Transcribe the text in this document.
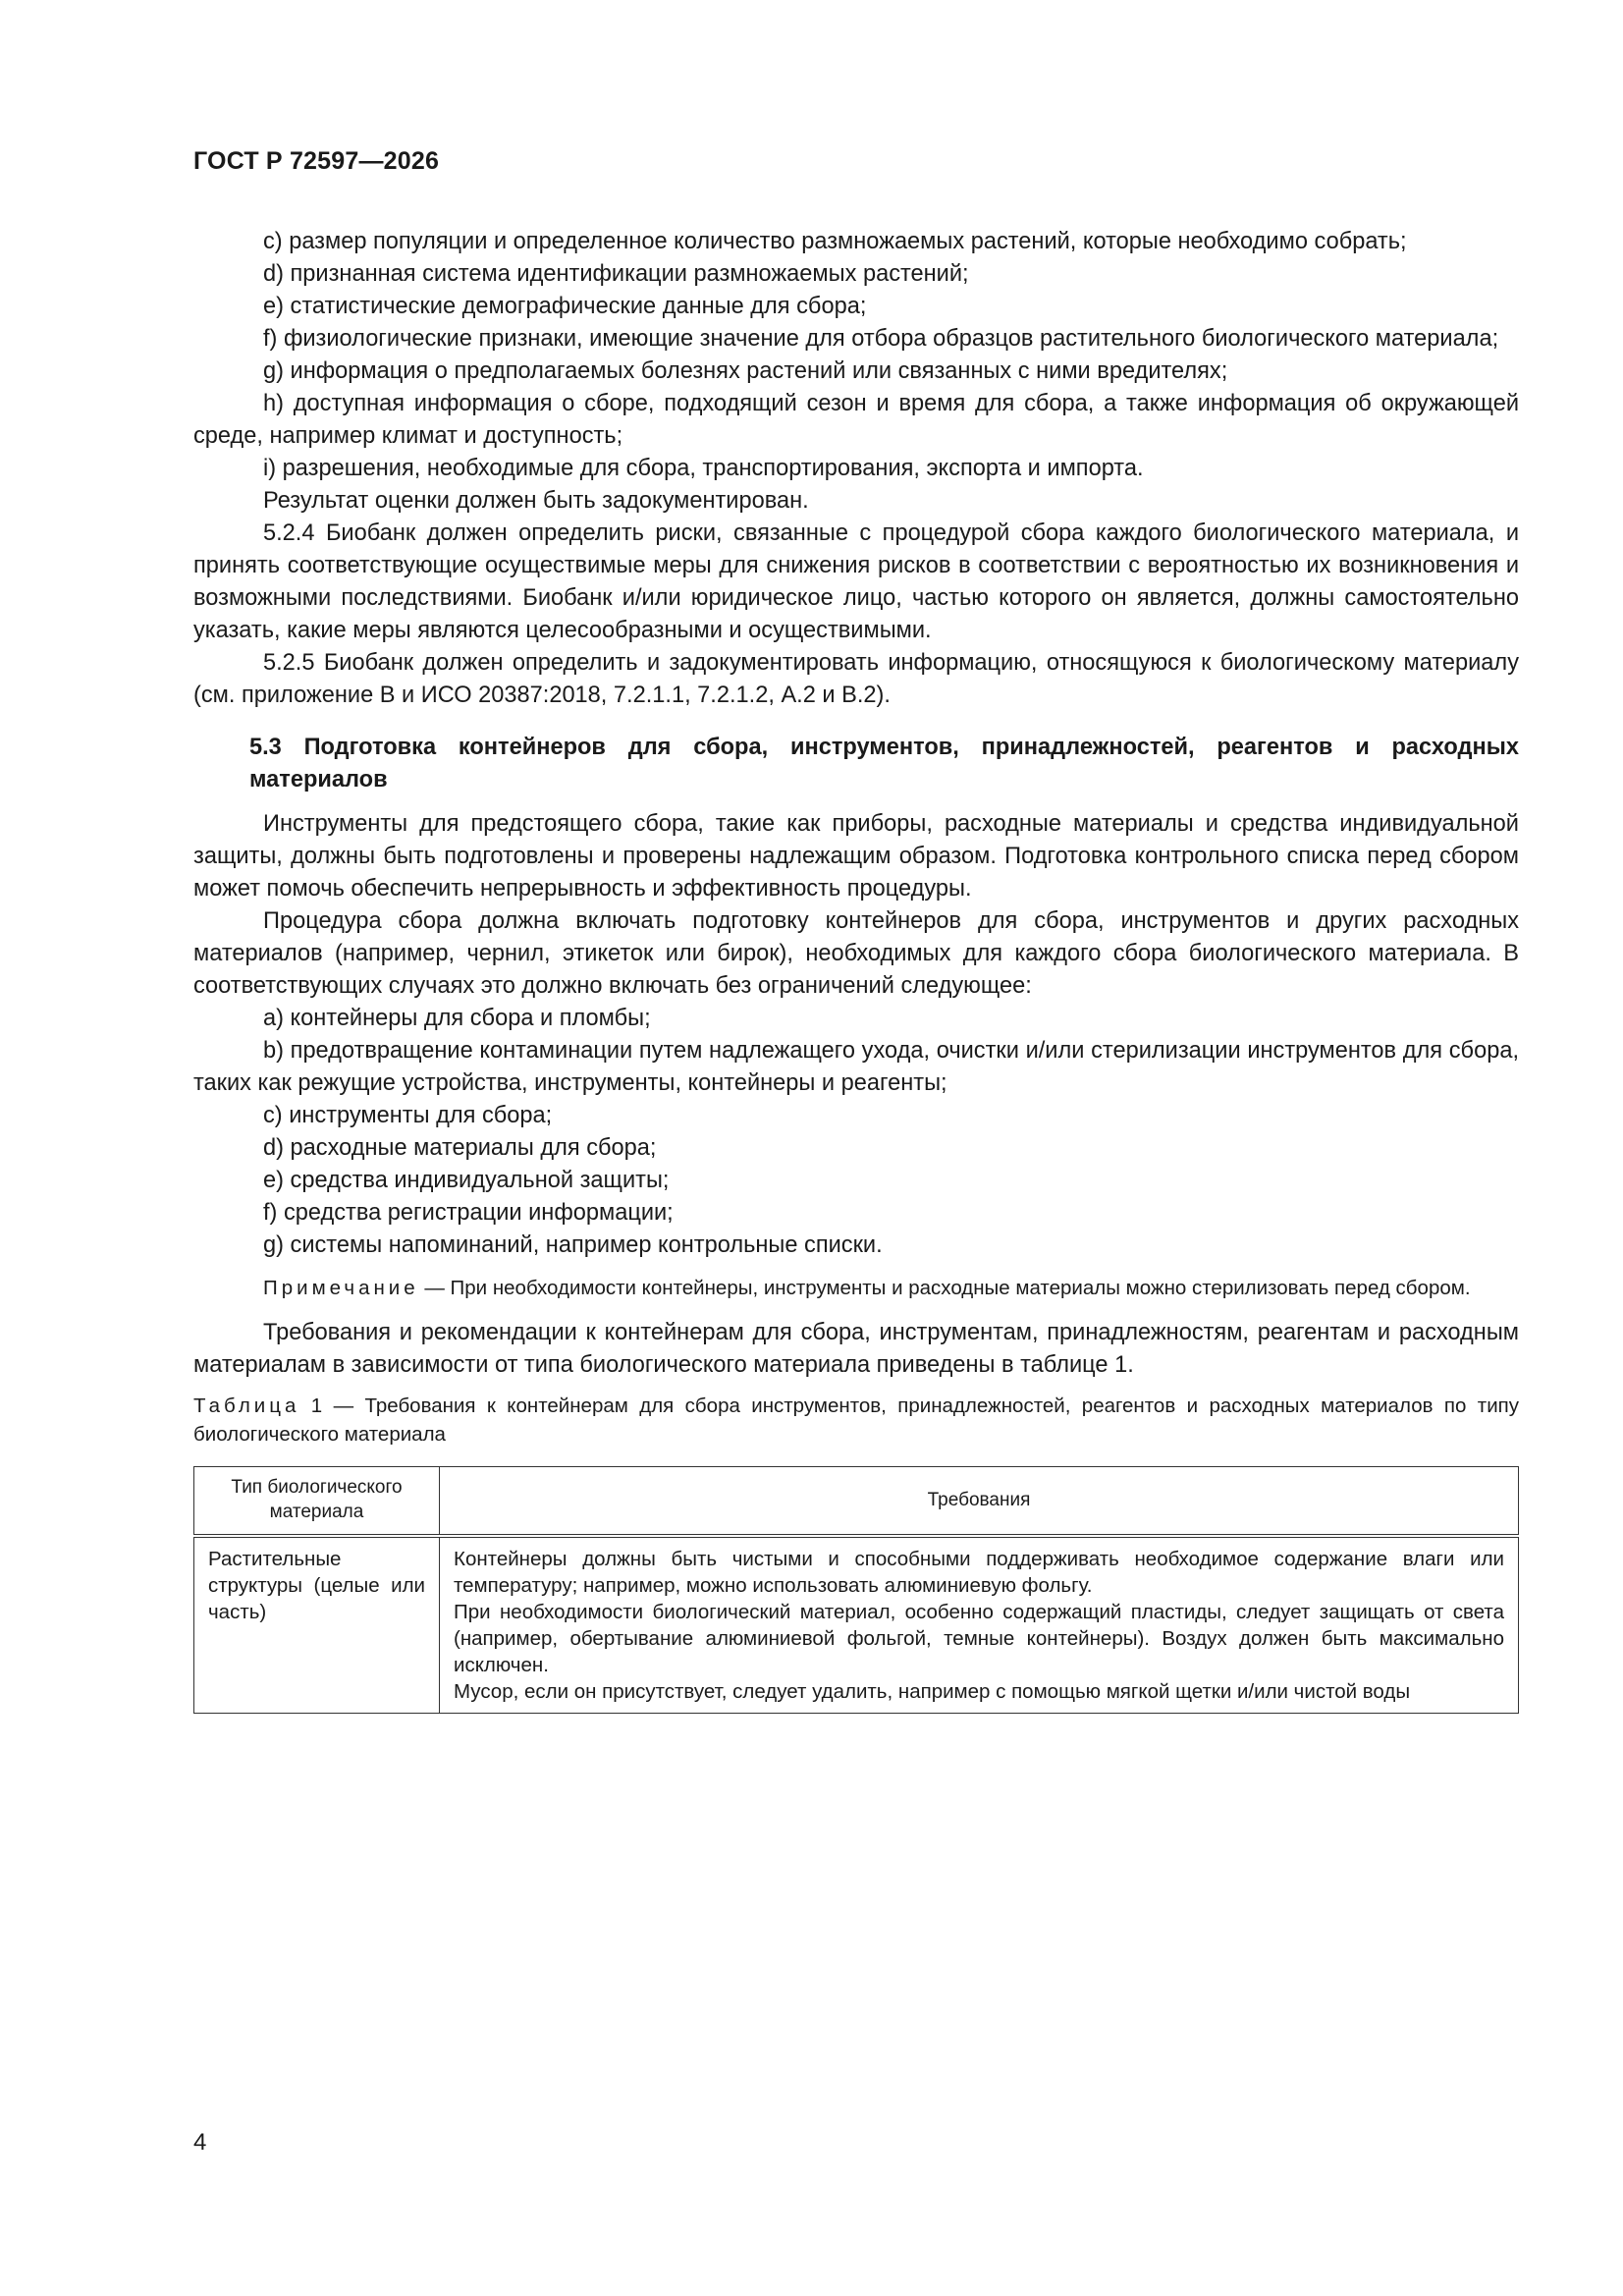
ГОСТ Р 72597—2026

c) размер популяции и определенное количество размножаемых растений, которые необходимо собрать;

d) признанная система идентификации размножаемых растений;

e) статистические демографические данные для сбора;

f) физиологические признаки, имеющие значение для отбора образцов растительного биологического материала;

g) информация о предполагаемых болезнях растений или связанных с ними вредителях;

h) доступная информация о сборе, подходящий сезон и время для сбора, а также информация об окружающей среде, например климат и доступность;

i) разрешения, необходимые для сбора, транспортирования, экспорта и импорта.

Результат оценки должен быть задокументирован.

5.2.4 Биобанк должен определить риски, связанные с процедурой сбора каждого биологического материала, и принять соответствующие осуществимые меры для снижения рисков в соответствии с вероятностью их возникновения и возможными последствиями. Биобанк и/или юридическое лицо, частью которого он является, должны самостоятельно указать, какие меры являются целесообразными и осуществимыми.

5.2.5 Биобанк должен определить и задокументировать информацию, относящуюся к биологическому материалу (см. приложение В и ИСО 20387:2018, 7.2.1.1, 7.2.1.2, А.2 и В.2).

5.3 Подготовка контейнеров для сбора, инструментов, принадлежностей, реагентов и расходных материалов

Инструменты для предстоящего сбора, такие как приборы, расходные материалы и средства индивидуальной защиты, должны быть подготовлены и проверены надлежащим образом. Подготовка контрольного списка перед сбором может помочь обеспечить непрерывность и эффективность процедуры.

Процедура сбора должна включать подготовку контейнеров для сбора, инструментов и других расходных материалов (например, чернил, этикеток или бирок), необходимых для каждого сбора биологического материала. В соответствующих случаях это должно включать без ограничений следующее:

a) контейнеры для сбора и пломбы;

b) предотвращение контаминации путем надлежащего ухода, очистки и/или стерилизации инструментов для сбора, таких как режущие устройства, инструменты, контейнеры и реагенты;

c) инструменты для сбора;

d) расходные материалы для сбора;

e) средства индивидуальной защиты;

f) средства регистрации информации;

g) системы напоминаний, например контрольные списки.

Примечание — При необходимости контейнеры, инструменты и расходные материалы можно стерилизовать перед сбором.

Требования и рекомендации к контейнерам для сбора, инструментам, принадлежностям, реагентам и расходным материалам в зависимости от типа биологического материала приведены в таблице 1.

Таблица 1 — Требования к контейнерам для сбора инструментов, принадлежностей, реагентов и расходных материалов по типу биологического материала

Тип биологического материала	Требования
Растительные структуры (целые или часть)	Контейнеры должны быть чистыми и способными поддерживать необходимое содержание влаги или температуру; например, можно использовать алюминиевую фольгу.

При необходимости биологический материал, особенно содержащий пластиды, следует защищать от света (например, обертывание алюминиевой фольгой, темные контейнеры). Воздух должен быть максимально исключен.

Мусор, если он присутствует, следует удалить, например с помощью мягкой щетки и/или чистой воды

4
